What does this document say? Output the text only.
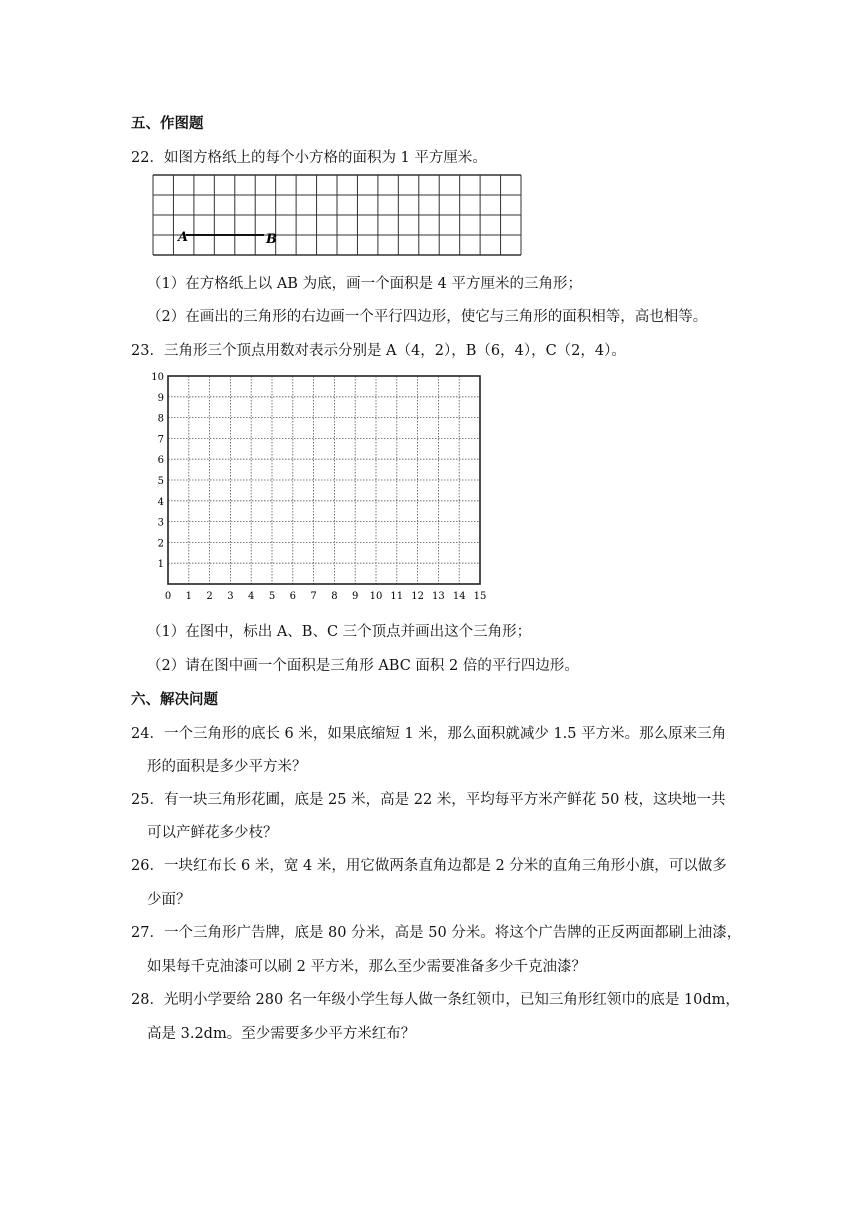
五、作图题
22．如图方格纸上的每个小方格的面积为 1 平方厘米。
A	B
（1）在方格纸上以 AB 为底，画一个面积是 4 平方厘米的三角形；
（2）在画出的三角形的右边画一个平行四边形，使它与三角形的面积相等，高也相等。
23．三角形三个顶点用数对表示分别是 A（4，2），B（6，4），C（2，4）。
0 1 2 3 4 5 6 7 8 9 10 11 12 13 14 15
1
2
3
4
5
6
7
8
9
10
（1）在图中，标出 A、B、C 三个顶点并画出这个三角形；
（2）请在图中画一个面积是三角形 ABC 面积 2 倍的平行四边形。
六、解决问题
24．一个三角形的底长 6 米，如果底缩短 1 米，那么面积就减少 1.5 平方米。那么原来三角
形的面积是多少平方米？
25．有一块三角形花圃，底是 25 米，高是 22 米，平均每平方米产鲜花 50 枝，这块地一共
可以产鲜花多少枝？
26．一块红布长 6 米，宽 4 米，用它做两条直角边都是 2 分米的直角三角形小旗，可以做多
少面？
27．一个三角形广告牌，底是 80 分米，高是 50 分米。将这个广告牌的正反两面都刷上油漆，
如果每千克油漆可以刷 2 平方米，那么至少需要准备多少千克油漆？
28．光明小学要给 280 名一年级小学生每人做一条红领巾，已知三角形红领巾的底是 10dm，
高是 3.2dm。至少需要多少平方米红布？
